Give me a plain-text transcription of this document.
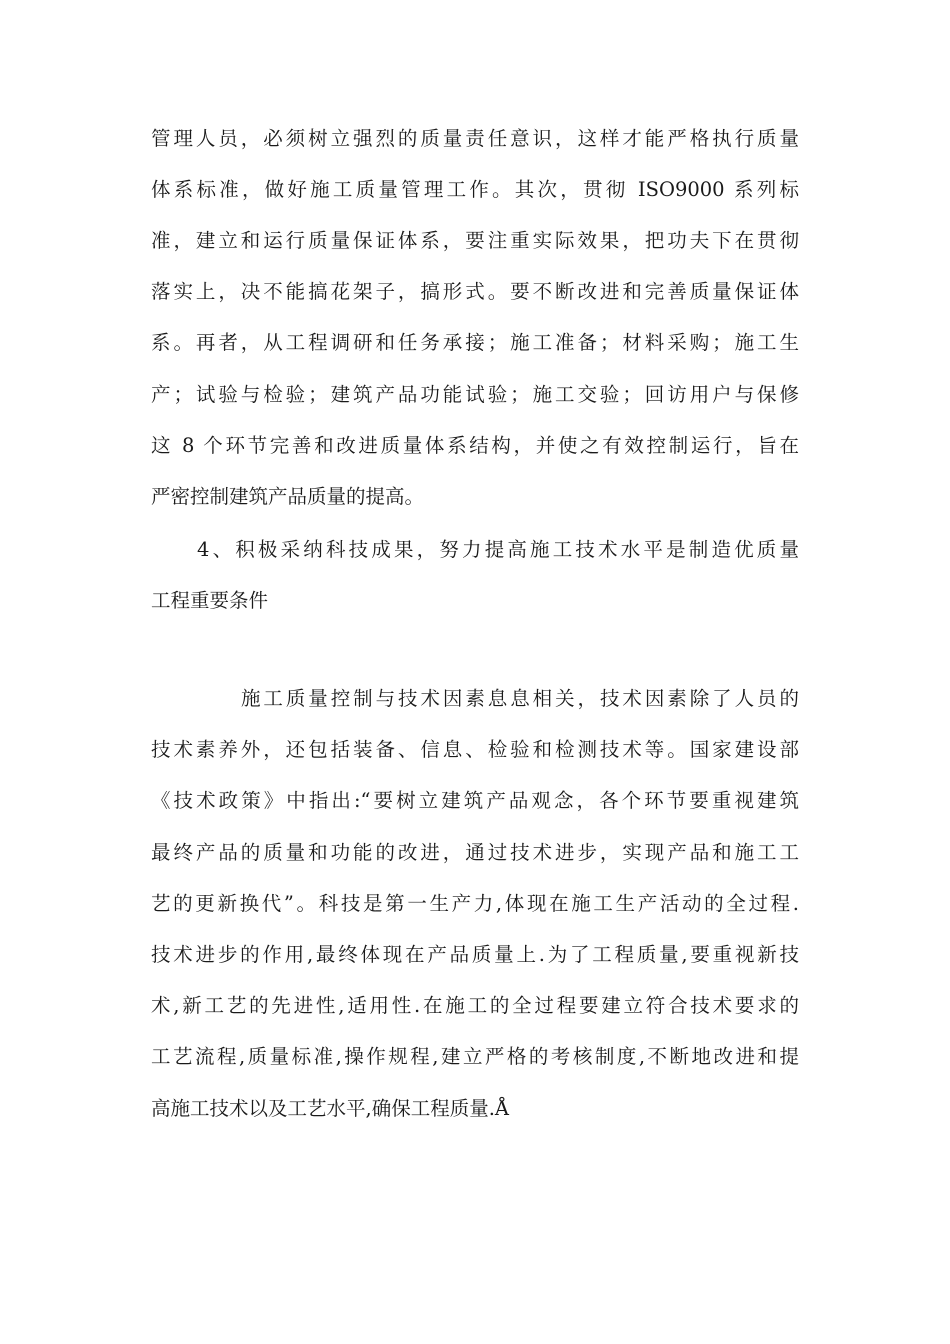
管理人员，必须树立强烈的质量责任意识，这样才能严格执行质量
体系标准，做好施工质量管理工作。其次，贯彻 ISO9000 系列标
准，建立和运行质量保证体系，要注重实际效果，把功夫下在贯彻
落实上，决不能搞花架子，搞形式。要不断改进和完善质量保证体
系。再者，从工程调研和任务承接；施工准备；材料采购；施工生
产；试验与检验；建筑产品功能试验；施工交验；回访用户与保修
这 8 个环节完善和改进质量体系结构，并使之有效控制运行，旨在
严密控制建筑产品质量的提高。
4、积极采纳科技成果，努力提高施工技术水平是制造优质量
工程重要条件
施工质量控制与技术因素息息相关，技术因素除了人员的
技术素养外，还包括装备、信息、检验和检测技术等。国家建设部
《技术政策》中指出:“要树立建筑产品观念，各个环节要重视建筑
最终产品的质量和功能的改进，通过技术进步，实现产品和施工工
艺的更新换代”。科技是第一生产力,体现在施工生产活动的全过程.
技术进步的作用,最终体现在产品质量上.为了工程质量,要重视新技
术,新工艺的先进性,适用性.在施工的全过程要建立符合技术要求的
工艺流程,质量标准,操作规程,建立严格的考核制度,不断地改进和提
高施工技术以及工艺水平,确保工程质量.Å
